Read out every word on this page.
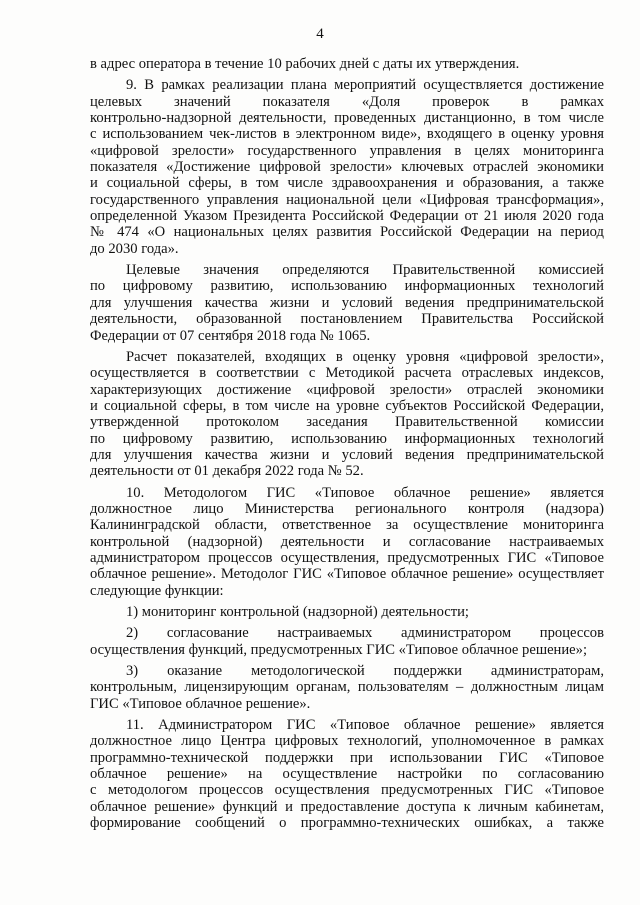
4
в адрес оператора в течение 10 рабочих дней с даты их утверждения.
9. В рамках реализации плана мероприятий осуществляется достижение
целевых значений показателя «Доля проверок в рамках
контрольно-надзорной деятельности, проведенных дистанционно, в том числе
с использованием чек-листов в электронном виде», входящего в оценку уровня
«цифровой зрелости» государственного управления в целях мониторинга
показателя «Достижение цифровой зрелости» ключевых отраслей экономики
и социальной сферы, в том числе здравоохранения и образования, а также
государственного управления национальной цели «Цифровая трансформация»,
определенной Указом Президента Российской Федерации от 21 июля 2020 года
№ 474 «О национальных целях развития Российской Федерации на период
до 2030 года».
Целевые значения определяются Правительственной комиссией
по цифровому развитию, использованию информационных технологий
для улучшения качества жизни и условий ведения предпринимательской
деятельности, образованной постановлением Правительства Российской
Федерации от 07 сентября 2018 года № 1065.
Расчет показателей, входящих в оценку уровня «цифровой зрелости»,
осуществляется в соответствии с Методикой расчета отраслевых индексов,
характеризующих достижение «цифровой зрелости» отраслей экономики
и социальной сферы, в том числе на уровне субъектов Российской Федерации,
утвержденной протоколом заседания Правительственной комиссии
по цифровому развитию, использованию информационных технологий
для улучшения качества жизни и условий ведения предпринимательской
деятельности от 01 декабря 2022 года № 52.
10. Методологом ГИС «Типовое облачное решение» является
должностное лицо Министерства регионального контроля (надзора)
Калининградской области, ответственное за осуществление мониторинга
контрольной (надзорной) деятельности и согласование настраиваемых
администратором процессов осуществления, предусмотренных ГИС «Типовое
облачное решение». Методолог ГИС «Типовое облачное решение» осуществляет
следующие функции:
1) мониторинг контрольной (надзорной) деятельности;
2) согласование настраиваемых администратором процессов
осуществления функций, предусмотренных ГИС «Типовое облачное решение»;
3) оказание методологической поддержки администраторам,
контрольным, лицензирующим органам, пользователям – должностным лицам
ГИС «Типовое облачное решение».
11. Администратором ГИС «Типовое облачное решение» является
должностное лицо Центра цифровых технологий, уполномоченное в рамках
программно-технической поддержки при использовании ГИС «Типовое
облачное решение» на осуществление настройки по согласованию
с методологом процессов осуществления предусмотренных ГИС «Типовое
облачное решение» функций и предоставление доступа к личным кабинетам,
формирование сообщений о программно-технических ошибках, а также
